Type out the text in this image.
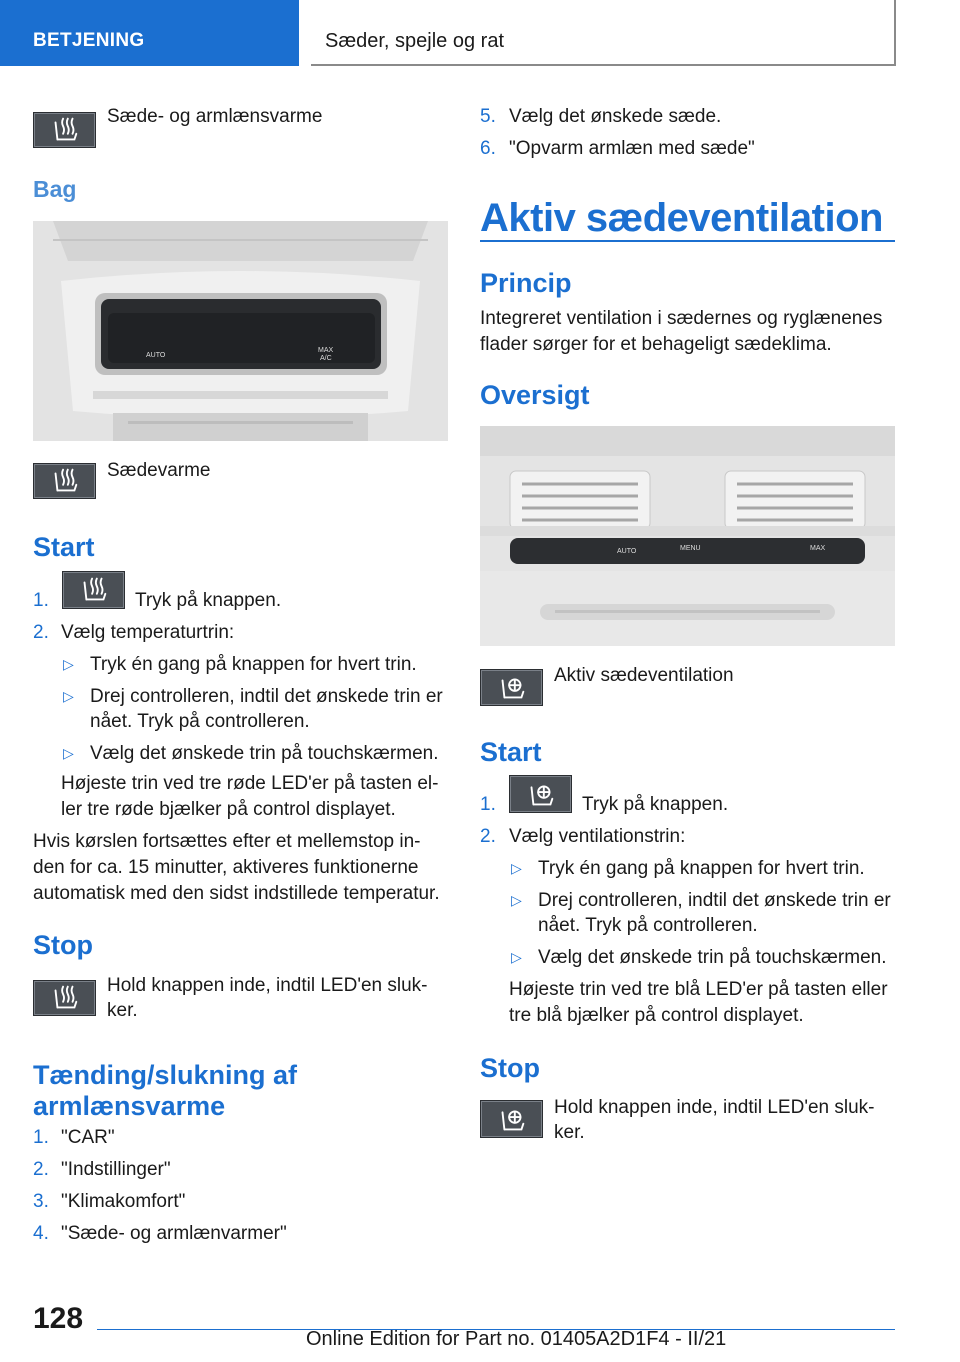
BETJENING	Sæder, spejle og rat
Sæde- og armlænsvarme
Bag
AUTO
MAX
A/C
Sædevarme
Start
1.	Tryk på knappen.
2. Vælg temperaturtrin:
▷ Tryk én gang på knappen for hvert trin.
▷ Drej controlleren, indtil det ønskede trin er
nået. Tryk på controlleren.
▷ Vælg det ønskede trin på touchskærmen.
Højeste trin ved tre røde LED'er på tasten el-
ler tre røde bjælker på control displayet.
Hvis kørslen fortsættes efter et mellemstop in-
den for ca. 15 minutter, aktiveres funktionerne
automatisk med den sidst indstillede temperatur.
Stop
Hold knappen inde, indtil LED'en sluk-
ker.
Tænding/slukning af
armlænsvarme
1. "CAR"
2. "Indstillinger"
3. "Klimakomfort"
4. "Sæde- og armlænvarmer"
5. Vælg det ønskede sæde.
6. "Opvarm armlæn med sæde"
Aktiv sædeventilation
Princip
Integreret ventilation i sædernes og ryglænenes
flader sørger for et behageligt sædeklima.
Oversigt
AUTO	MENU	MAX
Aktiv sædeventilation
Start
1.	Tryk på knappen.
2. Vælg ventilationstrin:
▷ Tryk én gang på knappen for hvert trin.
▷ Drej controlleren, indtil det ønskede trin er
nået. Tryk på controlleren.
▷ Vælg det ønskede trin på touchskærmen.
Højeste trin ved tre blå LED'er på tasten eller
tre blå bjælker på control displayet.
Stop
Hold knappen inde, indtil LED'en sluk-
ker.
128
Online Edition for Part no. 01405A2D1F4 - II/21
